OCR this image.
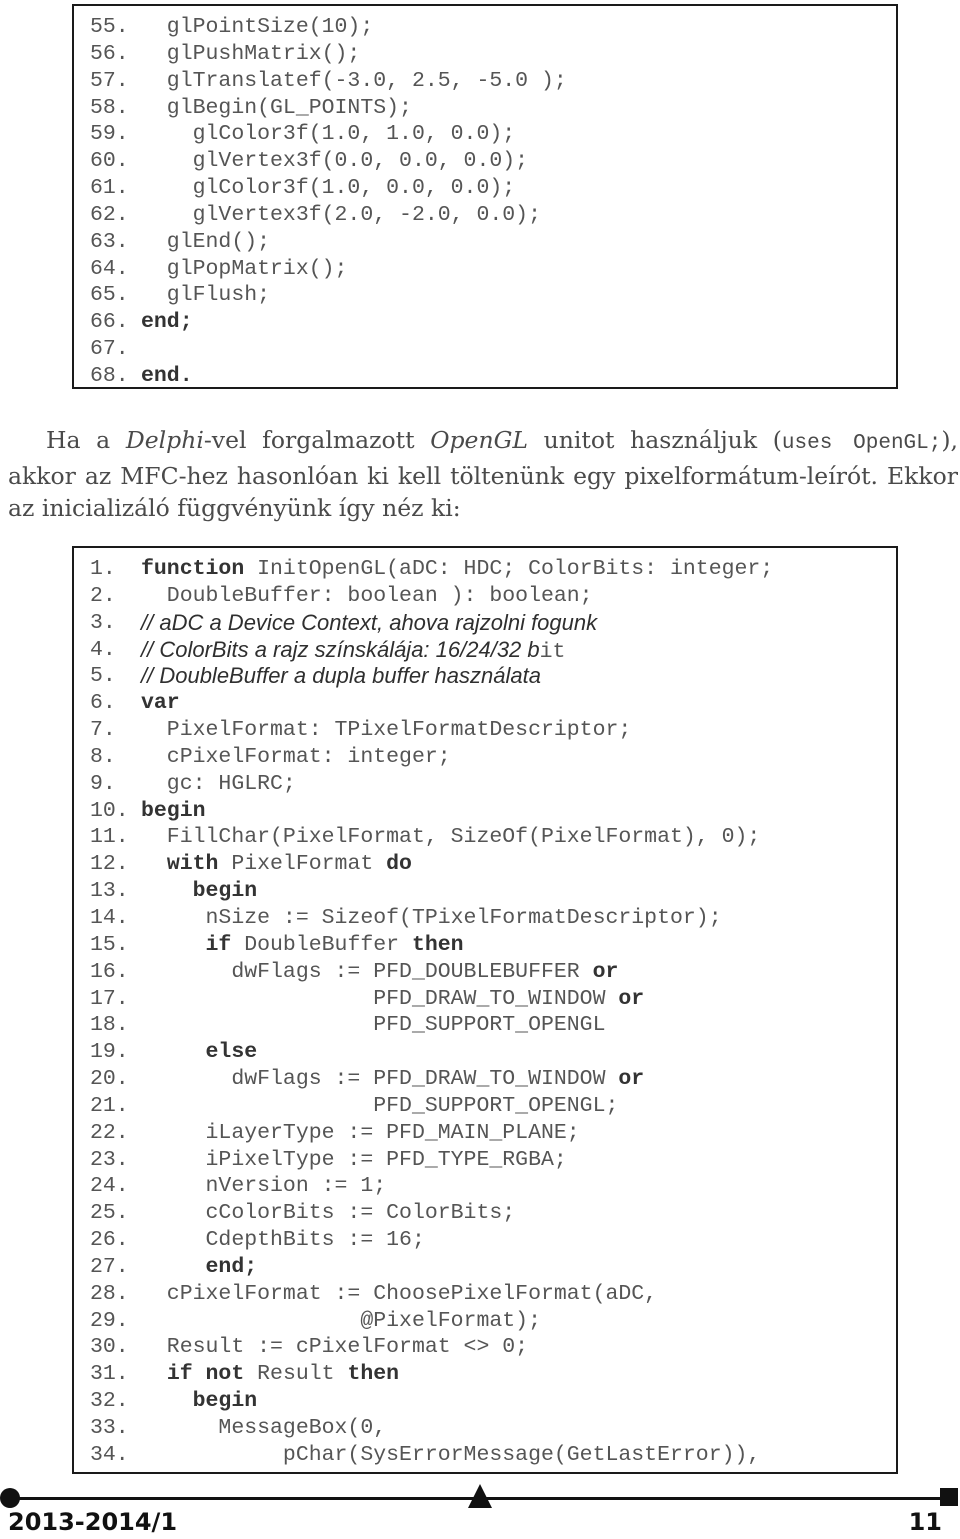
55. glPointSize(10);
56. glPushMatrix();
57. glTranslatef(-3.0, 2.5, -5.0 );
58. glBegin(GL_POINTS);
59. glColor3f(1.0, 1.0, 0.0);
60. glVertex3f(0.0, 0.0, 0.0);
61. glColor3f(1.0, 0.0, 0.0);
62. glVertex3f(2.0, -2.0, 0.0);
63. glEnd();
64. glPopMatrix();
65. glFlush;
66. end;
67.
68. end.

Ha a Delphi-vel forgalmazott OpenGL unitot használjuk (uses OpenGL;), akkor az MFC-hez hasonlóan ki kell töltenünk egy pixelformátum-leírót. Ekkor az inicializáló függvényünk így néz ki:

1. function InitOpenGL(aDC: HDC; ColorBits: integer;
2. DoubleBuffer: boolean ): boolean;
3. // aDC a Device Context, ahova rajzolni fogunk
4. // ColorBits a rajz színskálája: 16/24/32 bit
5. // DoubleBuffer a dupla buffer használata
6. var
7. PixelFormat: TPixelFormatDescriptor;
8. cPixelFormat: integer;
9. gc: HGLRC;
10. begin
11. FillChar(PixelFormat, SizeOf(PixelFormat), 0);
12.	with PixelFormat do
13.	begin
14. nSize := Sizeof(TPixelFormatDescriptor);
15.	if DoubleBuffer then
16. dwFlags := PFD_DOUBLEBUFFER or
17. PFD_DRAW_TO_WINDOW or
18. PFD_SUPPORT_OPENGL
19.	else
20. dwFlags := PFD_DRAW_TO_WINDOW or
21. PFD_SUPPORT_OPENGL;
22. iLayerType := PFD_MAIN_PLANE;
23. iPixelType := PFD_TYPE_RGBA;
24. nVersion := 1;
25. cColorBits := ColorBits;
26. CdepthBits := 16;
27.	end;
28. cPixelFormat := ChoosePixelFormat(aDC,
29. @PixelFormat);
30. Result := cPixelFormat <> 0;
31.	if not Result then
32.	begin
33. MessageBox(0,
34. pChar(SysErrorMessage(GetLastError)),
2013-2014/1	11
